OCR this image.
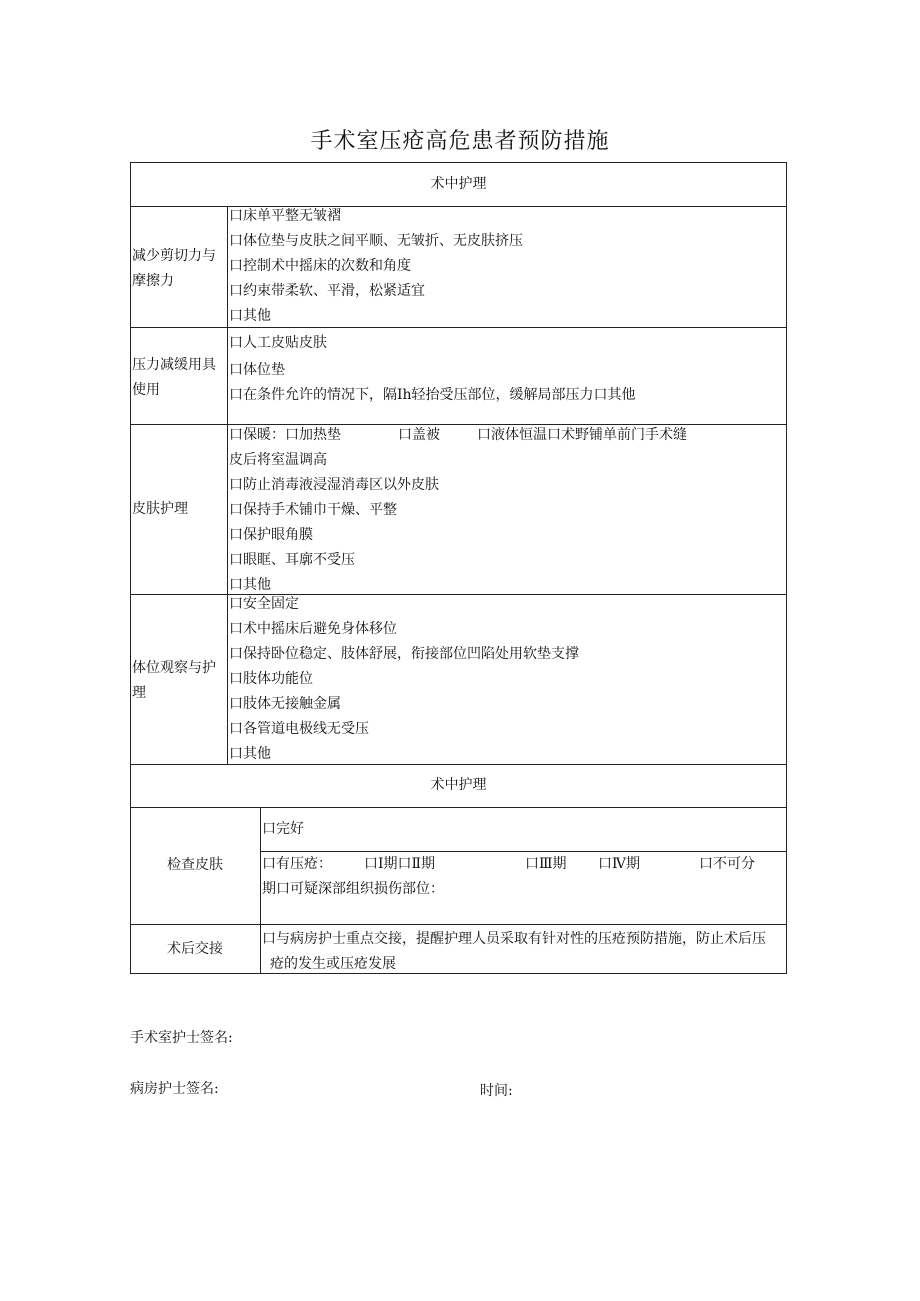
手术室压疮高危患者预防措施
术中护理
减少剪切力与摩擦力
口床单平整无皱褶
口体位垫与皮肤之间平顺、无皱折、无皮肤挤压
口控制术中摇床的次数和角度
口约束带柔软、平滑，松紧适宜
口其他
压力减缓用具使用
口人工皮贴皮肤
口体位垫
口在条件允许的情况下，隔Ih轻抬受压部位，缓解局部压力口其他
皮肤护理
口保暖：口加热垫	口盖被	口液体恒温口术野铺单前门手术缝
皮后将室温调高
口防止消毒液浸湿消毒区以外皮肤
口保持手术铺巾干燥、平整
口保护眼角膜
口眼眶、耳廓不受压
口其他
体位观察与护理
口安全固定
口术中摇床后避免身体移位
口保持卧位稳定、肢体舒展，衔接部位凹陷处用软垫支撑
口肢体功能位
口肢体无接触金属
口各管道电极线无受压
口其他
术中护理
检查皮肤
口完好
口有压疮： 口Ⅰ期口Ⅱ期	口Ⅲ期 口Ⅳ期	口不可分
期口可疑深部组织损伤部位：
术后交接
口与病房护士重点交接，提醒护理人员采取有针对性的压疮预防措施，防止术后压
疮的发生或压疮发展
手术室护士签名:
病房护士签名:	时间:
